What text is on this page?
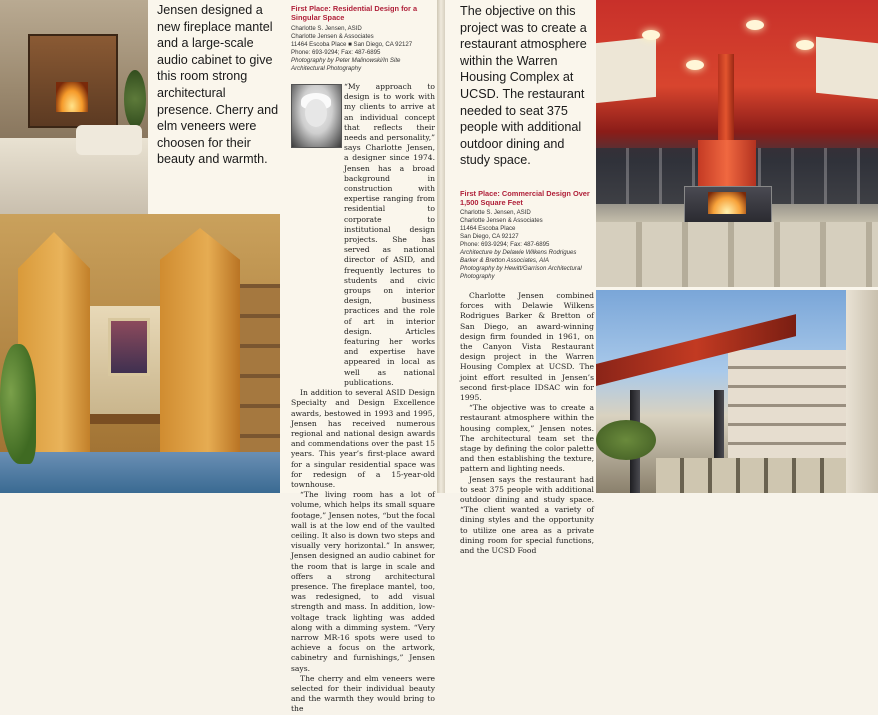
Jensen designed a new fireplace mantel and a large-scale audio cabinet to give this room strong architectural presence. Cherry and elm veneers were choosen for their beauty and warmth.
First Place: Residential Design for a Singular Space
Charlotte S. Jensen, ASID
Charlotte Jensen & Associates
11464 Escoba Place ■ San Diego, CA 92127
Phone: 693-9294; Fax: 487-6895
Photography by Peter Malinowski/In Site Architectural Photography

“My approach to design is to work with my clients to arrive at an individual concept that reflects their needs and personality,” says Charlotte Jensen, a designer since 1974. Jensen has a broad background in construction with expertise ranging from residential to corporate to institutional design projects. She has served as national director of ASID, and frequently lectures to students and civic groups on interior design, business practices and the role of art in interior design. Articles featuring her works and expertise have appeared in local as well as national publications.

In addition to several ASID Design Specialty and Design Excellence awards, bestowed in 1993 and 1995, Jensen has received numerous regional and national design awards and commendations over the past 15 years. This year’s first-place award for a singular residential space was for redesign of a 15-year-old townhouse.

“The living room has a lot of volume, which helps its small square footage,” Jensen notes, “but the focal wall is at the low end of the vaulted ceiling. It also is down two steps and visually very horizontal.” In answer, Jensen designed an audio cabinet for the room that is large in scale and offers a strong architectural presence. The fireplace mantel, too, was redesigned, to add visual strength and mass. In addition, low-voltage track lighting was added along with a dimming system. “Very narrow MR-16 spots were used to achieve a focus on the artwork, cabinetry and furnishings,” Jensen says.

The cherry and elm veneers were selected for their individual beauty and the warmth they would bring to the

The objective on this project was to create a restaurant atmosphere within the Warren Housing Complex at UCSD. The restaurant needed to seat 375 people with additional outdoor dining and study space.
First Place: Commercial Design Over 1,500 Square Feet
Charlotte S. Jensen, ASID
Charlotte Jensen & Associates
11464 Escoba Place
San Diego, CA 92127
Phone: 693-9294; Fax: 487-6895
Architecture by Delawie Wilkens Rodrigues Barker & Bretton Associates, AIA
Photography by Hewitt/Garrison Architectural Photography

Charlotte Jensen combined forces with Delawie Wilkens Rodrigues Barker & Bretton of San Diego, an award-winning design firm founded in 1961, on the Canyon Vista Restaurant design project in the Warren Housing Complex at UCSD. The joint effort resulted in Jensen’s second first-place IDSAC win for 1995.

“The objective was to create a restaurant atmosphere within the housing complex,” Jensen notes. The architectural team set the stage by defining the color palette and then establishing the texture, pattern and lighting needs.

Jensen says the restaurant had to seat 375 people with additional outdoor dining and study space. “The client wanted a variety of dining styles and the opportunity to utilize one area as a private dining room for special functions, and the UCSD Food
